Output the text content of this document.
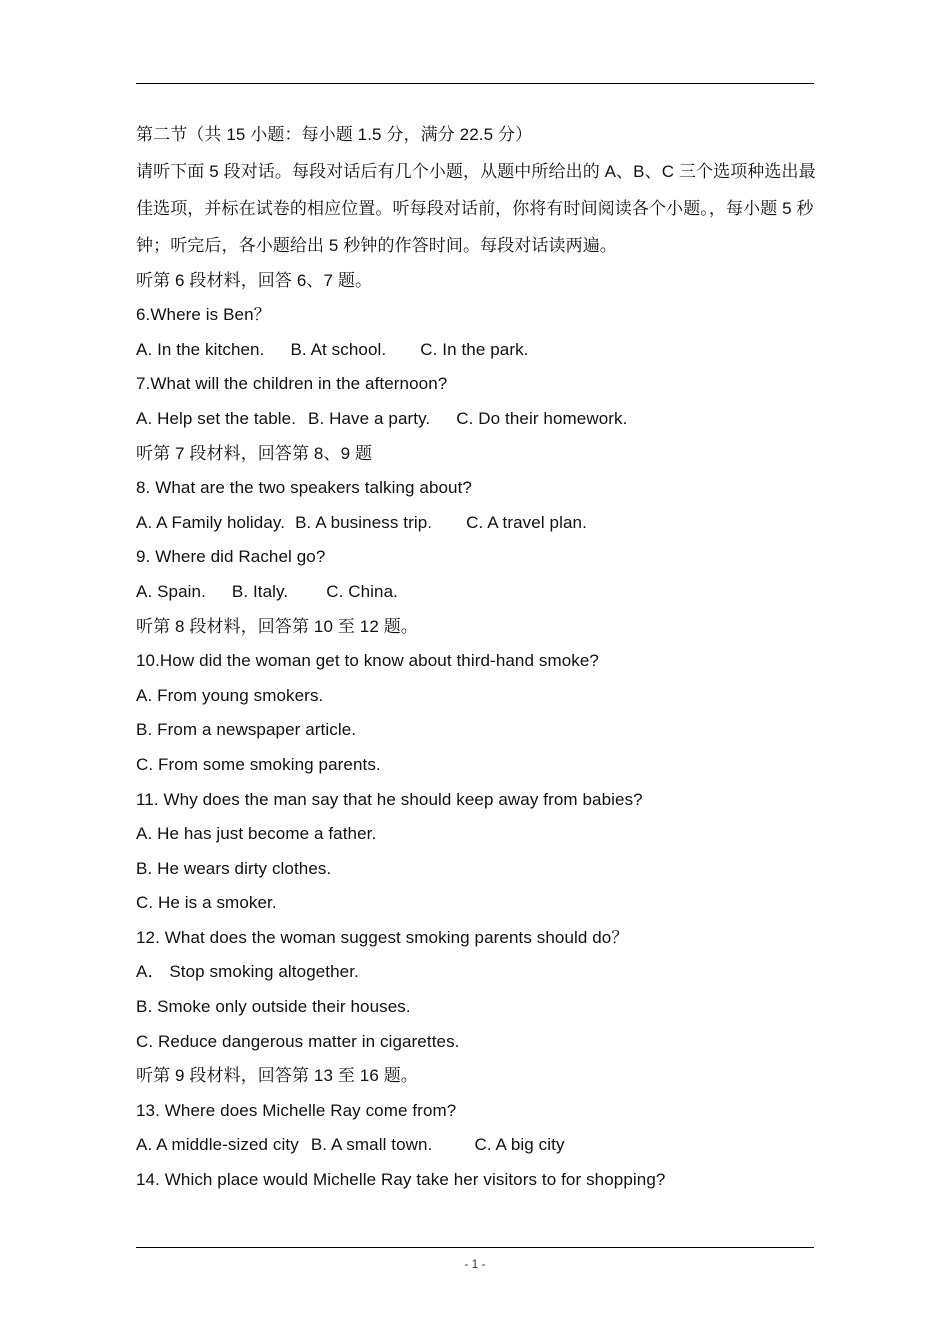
第二节（共 15 小题：每小题 1.5 分，满分 22.5 分）
请听下面 5 段对话。每段对话后有几个小题，从题中所给出的 A、B、C 三个选项种选出最佳选项，并标在试卷的相应位置。听每段对话前，你将有时间阅读各个小题。，每小题 5 秒钟；听完后，各小题给出 5 秒钟的作答时间。每段对话读两遍。
听第 6 段材料，回答 6、7 题。
6.Where is Ben？
A. In the kitchen. B. At school. C. In the park.
7.What will the children in the afternoon?
A. Help set the table. B. Have a party. C. Do their homework.
听第 7 段材料，回答第 8、9 题
8. What are the two speakers talking about?
A. A Family holiday. B. A business trip. C. A travel plan.
9. Where did Rachel go?
A. Spain. B. Italy. C. China.
听第 8 段材料，回答第 10 至 12 题。
10.How did the woman get to know about third-hand smoke?
A. From young smokers.
B. From a newspaper article.
C. From some smoking parents.
11. Why does the man say that he should keep away from babies?
A. He has just become a father.
B. He wears dirty clothes.
C. He is a smoker.
12. What does the woman suggest smoking parents should do？
A． Stop smoking altogether.
B. Smoke only outside their houses.
C. Reduce dangerous matter in cigarettes.
听第 9 段材料，回答第 13 至 16 题。
13. Where does Michelle Ray come from?
A. A middle-sized city B. A small town. C. A big city
14. Which place would Michelle Ray take her visitors to for shopping?
- 1 -
